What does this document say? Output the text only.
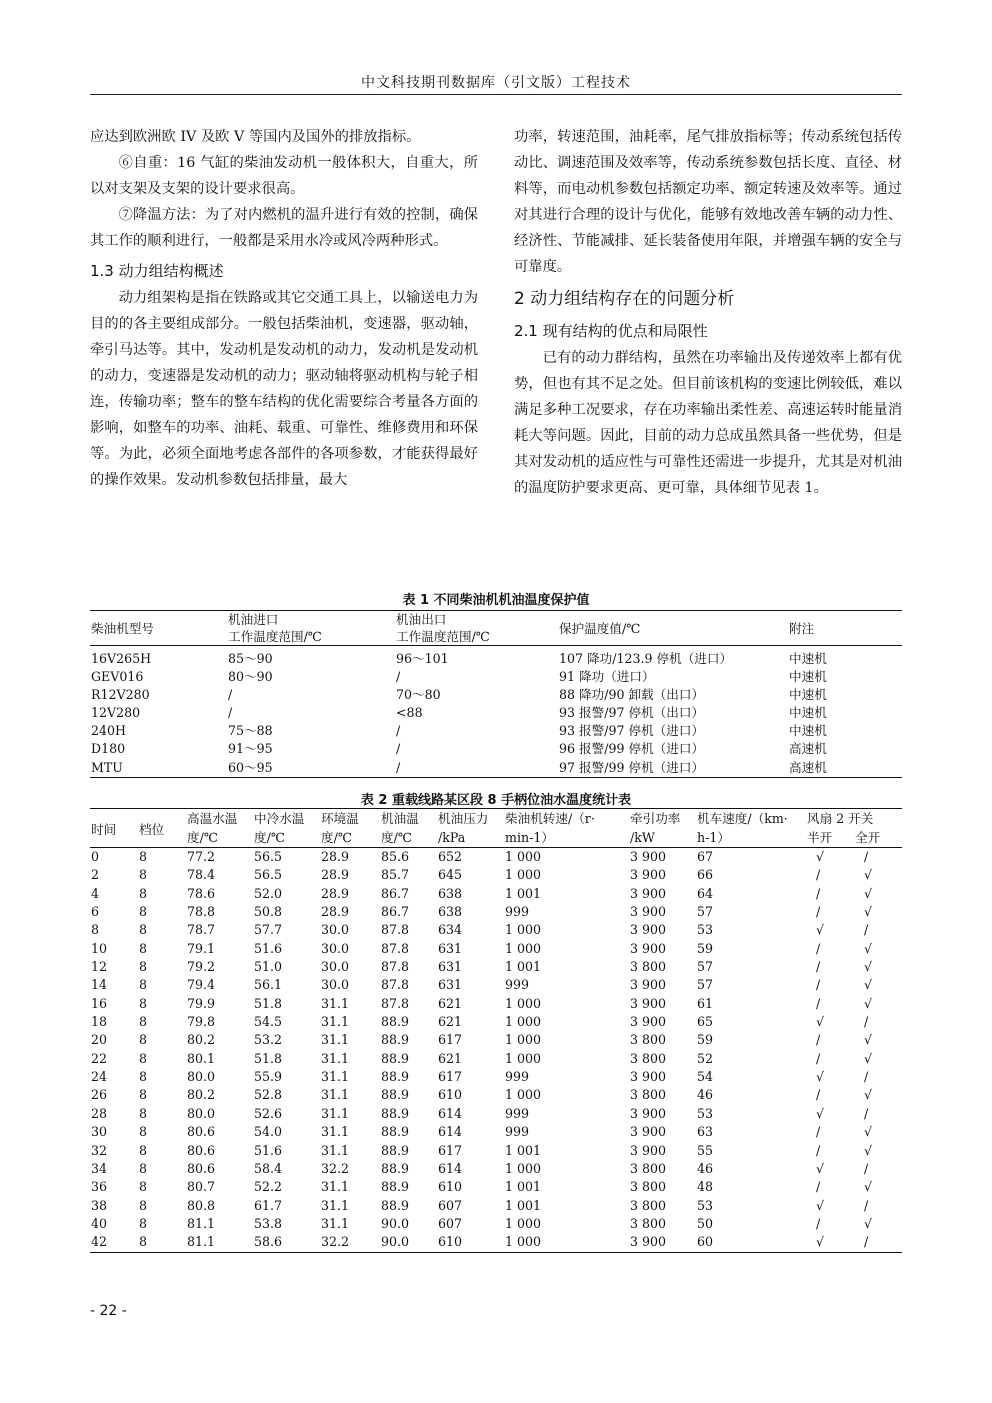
中文科技期刊数据库（引文版）工程技术

应达到欧洲欧 IV 及欧 V 等国内及国外的排放指标。

⑥自重：16 气缸的柴油发动机一般体积大，自重大，所以对支架及支架的设计要求很高。

⑦降温方法：为了对内燃机的温升进行有效的控制，确保其工作的顺利进行，一般都是采用水冷或风冷两种形式。

1.3 动力组结构概述

动力组架构是指在铁路或其它交通工具上，以输送电力为目的的各主要组成部分。一般包括柴油机，变速器，驱动轴，牵引马达等。其中，发动机是发动机的动力，发动机是发动机的动力，变速器是发动机的动力；驱动轴将驱动机构与轮子相连，传输功率；整车的整车结构的优化需要综合考量各方面的影响，如整车的功率、油耗、载重、可靠性、维修费用和环保等。为此，必须全面地考虑各部件的各项参数，才能获得最好的操作效果。发动机参数包括排量，最大

功率，转速范围，油耗率，尾气排放指标等；传动系统包括传动比、调速范围及效率等，传动系统参数包括长度、直径、材料等，而电动机参数包括额定功率、额定转速及效率等。通过对其进行合理的设计与优化，能够有效地改善车辆的动力性、经济性、节能减排、延长装备使用年限，并增强车辆的安全与可靠度。

2 动力组结构存在的问题分析

2.1 现有结构的优点和局限性

已有的动力群结构，虽然在功率输出及传递效率上都有优势，但也有其不足之处。但目前该机构的变速比例较低，难以满足多种工况要求，存在功率输出柔性差、高速运转时能量消耗大等问题。因此，目前的动力总成虽然具备一些优势，但是其对发动机的适应性与可靠性还需进一步提升，尤其是对机油的温度防护要求更高、更可靠，具体细节见表 1。

表 1 不同柴油机机油温度保护值
	机油进口	机油出口		
柴油机型号	工作温度范围/℃	工作温度范围/℃	保护温度值/℃	附注
16V265H	85～90	96～101	107 降功/123.9 停机（进口）	中速机
GEV016	80～90	/	91 降功（进口）	中速机
R12V280	/	70～80	88 降功/90 卸载（出口）	中速机
12V280	/	<88	93 报警/97 停机（出口）	中速机
240H	75～88	/	93 报警/97 停机（进口）	中速机
D180	91～95	/	96 报警/99 停机（进口）	高速机
MTU	60～95	/	97 报警/99 停机（进口）	高速机
表 2 重载线路某区段 8 手柄位油水温度统计表
		高温水温	中冷水温	环境温	机油温	机油压力	柴油机转速/（r·	牵引功率	机车速度/（km·	风扇 2 开关	
时间	档位	度/℃	度/℃	度/℃	度/℃	/kPa	min-1）	/kW	h-1）	半开	全开
0	8	77.2	56.5	28.9	85.6	652	1 000	3 900	67	√	/
2	8	78.4	56.5	28.9	85.7	645	1 000	3 900	66	/	√
4	8	78.6	52.0	28.9	86.7	638	1 001	3 900	64	/	√
6	8	78.8	50.8	28.9	86.7	638	999	3 900	57	/	√
8	8	78.7	57.7	30.0	87.8	634	1 000	3 900	53	√	/
10	8	79.1	51.6	30.0	87.8	631	1 000	3 900	59	/	√
12	8	79.2	51.0	30.0	87.8	631	1 001	3 800	57	/	√
14	8	79.4	56.1	30.0	87.8	631	999	3 900	57	/	√
16	8	79.9	51.8	31.1	87.8	621	1 000	3 900	61	/	√
18	8	79.8	54.5	31.1	88.9	621	1 000	3 900	65	√	/
20	8	80.2	53.2	31.1	88.9	617	1 000	3 800	59	/	√
22	8	80.1	51.8	31.1	88.9	621	1 000	3 800	52	/	√
24	8	80.0	55.9	31.1	88.9	617	999	3 900	54	√	/
26	8	80.2	52.8	31.1	88.9	610	1 000	3 800	46	/	√
28	8	80.0	52.6	31.1	88.9	614	999	3 900	53	√	/
30	8	80.6	54.0	31.1	88.9	614	999	3 900	63	/	√
32	8	80.6	51.6	31.1	88.9	617	1 001	3 900	55	/	√
34	8	80.6	58.4	32.2	88.9	614	1 000	3 800	46	√	/
36	8	80.7	52.2	31.1	88.9	610	1 001	3 800	48	/	√
38	8	80.8	61.7	31.1	88.9	607	1 001	3 800	53	√	/
40	8	81.1	53.8	31.1	90.0	607	1 000	3 800	50	/	√
42	8	81.1	58.6	32.2	90.0	610	1 000	3 900	60	√	/
- 22 -
